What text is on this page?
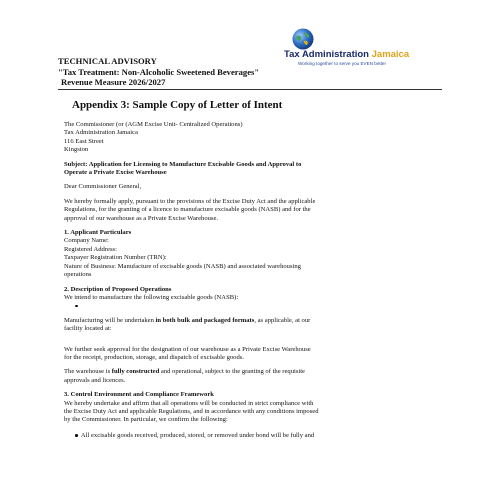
Tax Administration Jamaica
Working together to serve you EVEN better
TECHNICAL ADVISORY
"Tax Treatment: Non-Alcoholic Sweetened Beverages"
Revenue Measure 2026/2027
Appendix 3: Sample Copy of Letter of Intent

The Commissioner (or (AGM Excise Unit- Centralized Operations)

Tax Administration Jamaica

116 East Street

Kingston

Subject: Application for Licensing to Manufacture Excisable Goods and Approval to

Operate a Private Excise Warehouse

Dear Commissioner General,

We hereby formally apply, pursuant to the provisions of the Excise Duty Act and the applicable

Regulations, for the granting of a licence to manufacture excisable goods (NASB) and for the

approval of our warehouse as a Private Excise Warehouse.

1. Applicant Particulars

Company Name:

Registered Address:

Taxpayer Registration Number (TRN):

Nature of Business: Manufacture of excisable goods (NASB) and associated warehousing

operations

2. Description of Proposed Operations

We intend to manufacture the following excisable goods (NASB):

Manufacturing will be undertaken in both bulk and packaged formats, as applicable, at our

facility located at:

We further seek approval for the designation of our warehouse as a Private Excise Warehouse

for the receipt, production, storage, and dispatch of excisable goods.

The warehouse is fully constructed and operational, subject to the granting of the requisite

approvals and licences.

3. Control Environment and Compliance Framework

We hereby undertake and affirm that all operations will be conducted in strict compliance with

the Excise Duty Act and applicable Regulations, and in accordance with any conditions imposed

by the Commissioner. In particular, we confirm the following:

All excisable goods received, produced, stored, or removed under bond will be fully and
